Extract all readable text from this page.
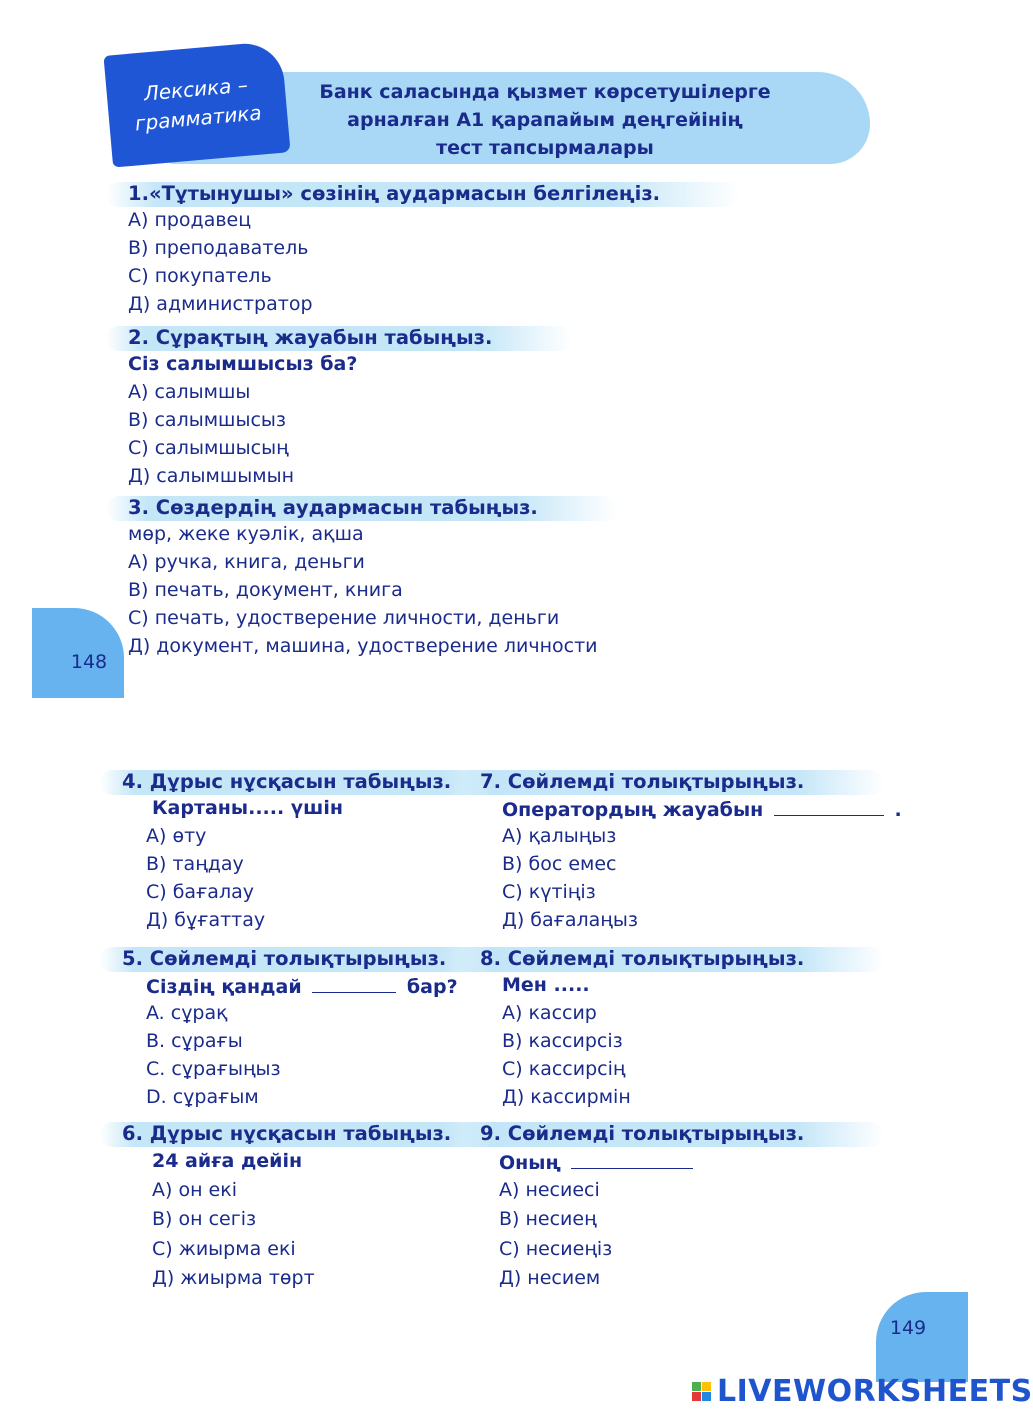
Лексика –
грамматика
Банк саласында қызмет көрсетушілерге
арналған А1 қарапайым деңгейінің
тест тапсырмалары
1.«Тұтынушы» сөзінің аудармасын белгілеңіз.
А) продавец
В) преподаватель
С) покупатель
Д) администратор
2. Сұрақтың жауабын табыңыз.
Сіз салымшысыз ба?
А) салымшы
В) салымшысыз
С) салымшысың
Д) салымшымын
3. Сөздердің аудармасын табыңыз.
мөр, жеке куәлік, ақша
А) ручка, книга, деньги
В) печать, документ, книга
С) печать, удостверение личности, деньги
Д) документ, машина, удостверение личности
148
4. Дұрыс нұсқасын табыңыз.
Картаны..... үшін
А) өту
В) таңдау
С) бағалау
Д) бұғаттау
5. Сөйлемді толықтырыңыз.
Сіздің қандай	бар?
A. сұрақ
B. сұрағы
C. сұрағыңыз
D. сұрағым
6. Дұрыс нұсқасын табыңыз.
24 айға дейін
А) он екі
В) он сегіз
С) жиырма екі
Д) жиырма төрт
7. Сөйлемді толықтырыңыз.
Оператордың жауабын	.
А) қалыңыз
В) бос емес
С) күтіңіз
Д) бағалаңыз
8. Сөйлемді толықтырыңыз.
Мен .....
А) кассир
В) кассирсіз
С) кассирсің
Д) кассирмін
9. Сөйлемді толықтырыңыз.
Оның
А) несиесі
В) несиең
С) несиеңіз
Д) несием
149
LIVEWORKSHEETS
